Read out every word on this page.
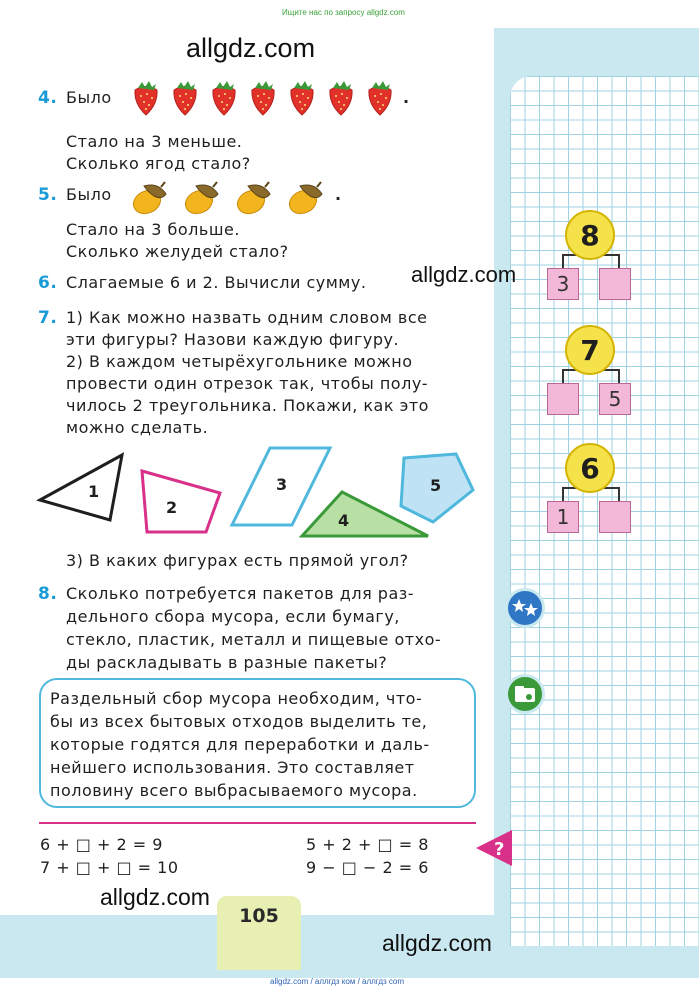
Ищите нас по запросу allgdz.com
allgdz.com
allgdz.com
4. Было	.
Стало на 3 меньше.
Сколько ягод стало?
5. Было	.
Стало на 3 больше.
Сколько желудей стало?
6. Слагаемые 6 и 2. Вычисли сумму.
7. 1) Как можно назвать одним словом все
эти фигуры? Назови каждую фигуру.
2) В каждом четырёхугольнике можно
провести один отрезок так, чтобы полу-
чилось 2 треугольника. Покажи, как это
можно сделать.
1
2
3
4
5
3) В каких фигурах есть прямой угол?
8. Сколько потребуется пакетов для раз-
дельного сбора мусора, если бумагу,
стекло, пластик, металл и пищевые отхо-
ды раскладывать в разные пакеты?
Раздельный сбор мусора необходим, что-
бы из всех бытовых отходов выделить те,
которые годятся для переработки и даль-
нейшего использования. Это составляет
половину всего выбрасываемого мусора.
6 + □ + 2 = 9
7 + □ + □ = 10
5 + 2 + □ = 8
9 − □ − 2 = 6
?
8
3
7
5
6
1
105
allgdz.com
allgdz.com
allgdz.com / аллгдз ком / аллгдз com
